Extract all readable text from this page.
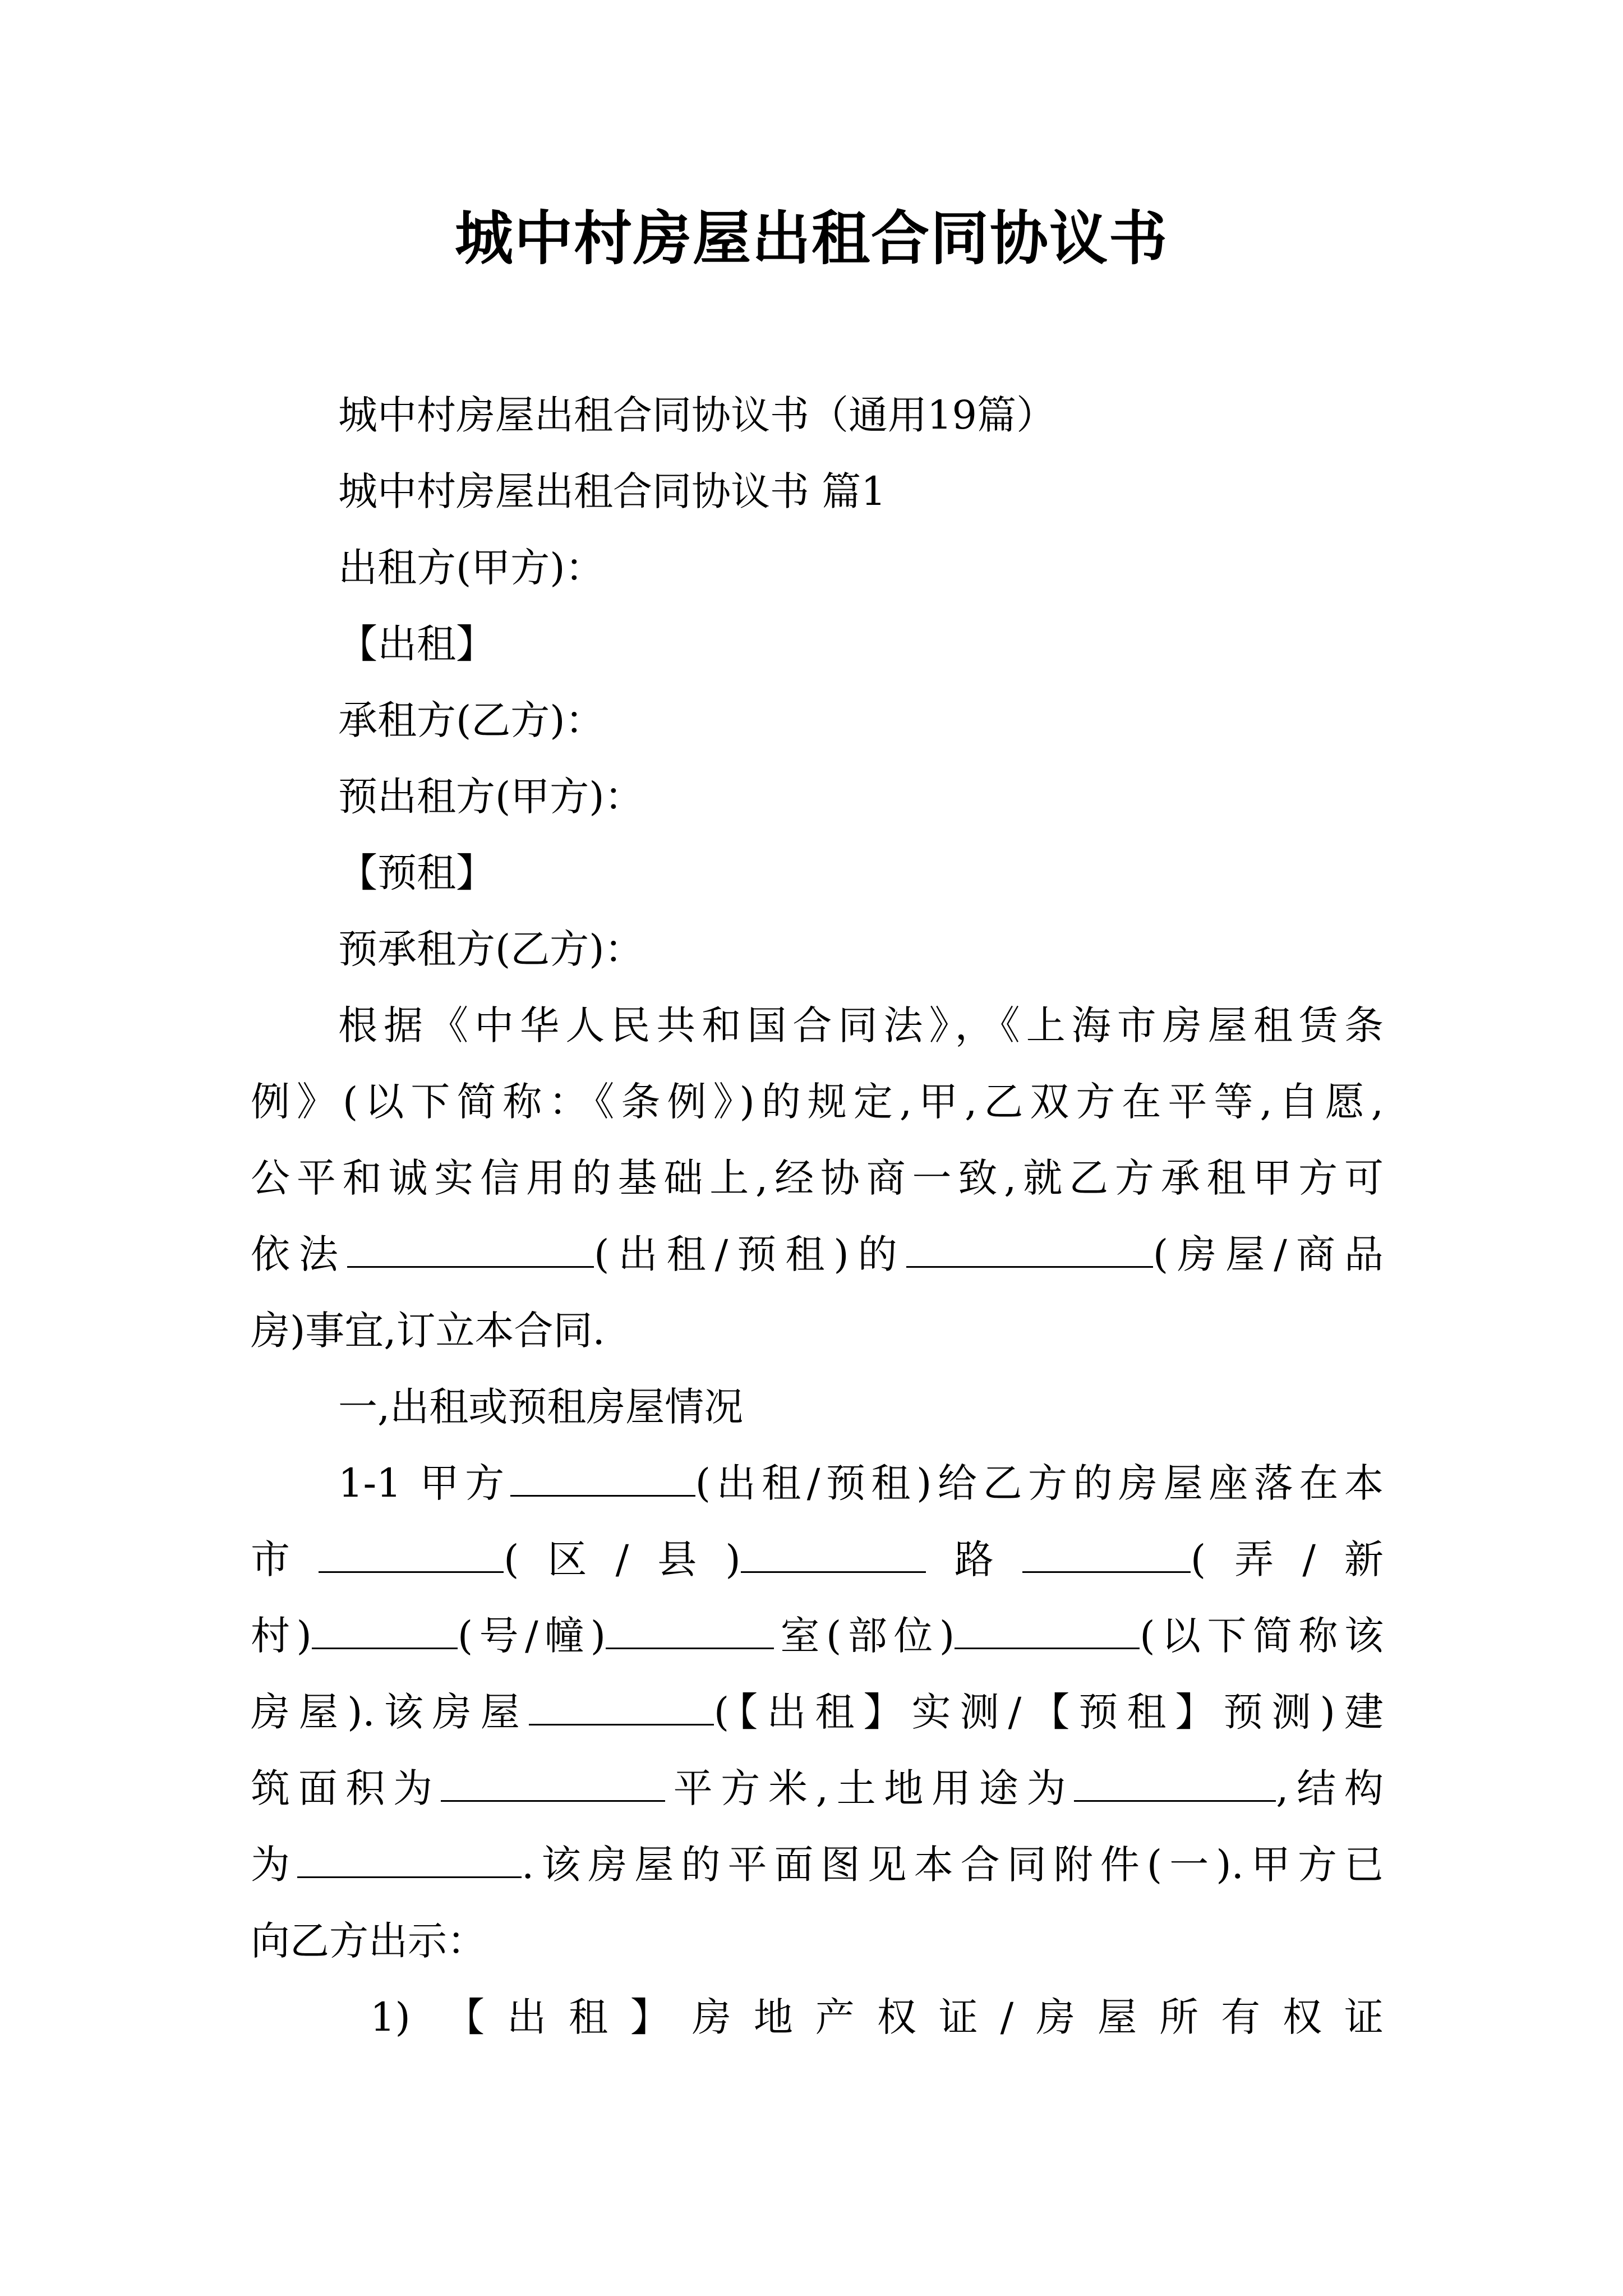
城中村房屋出租合同协议书
城中村房屋出租合同协议书（通用19篇）
城中村房屋出租合同协议书 篇1
出租方(甲方)：
【出租】
承租方(乙方)：
预出租方(甲方)：
【预租】
预承租方(乙方)：
根据《中华人民共和国合同法》，《上海市房屋租赁条
例》(以下简称：《条例》)的规定,甲,乙双方在平等,自愿,
公平和诚实信用的基础上,经协商一致,就乙方承租甲方可
依法	(出租/预租)的	(房屋/商品
房)事宜,订立本合同.
一,出租或预租房屋情况
1-1 甲方	(出租/预租)给乙方的房屋座落在本
市	(区/县)	路	(弄/新
村)	(号/幢)	室(部位)	(以下简称该
房屋).该房屋	(【出租】实测/【预租】预测)建
筑面积为	平方米,土地用途为	,结构
为	.该房屋的平面图见本合同附件(一).甲方已
向乙方出示：
1) 【出租】房地产权证/房屋所有权证
